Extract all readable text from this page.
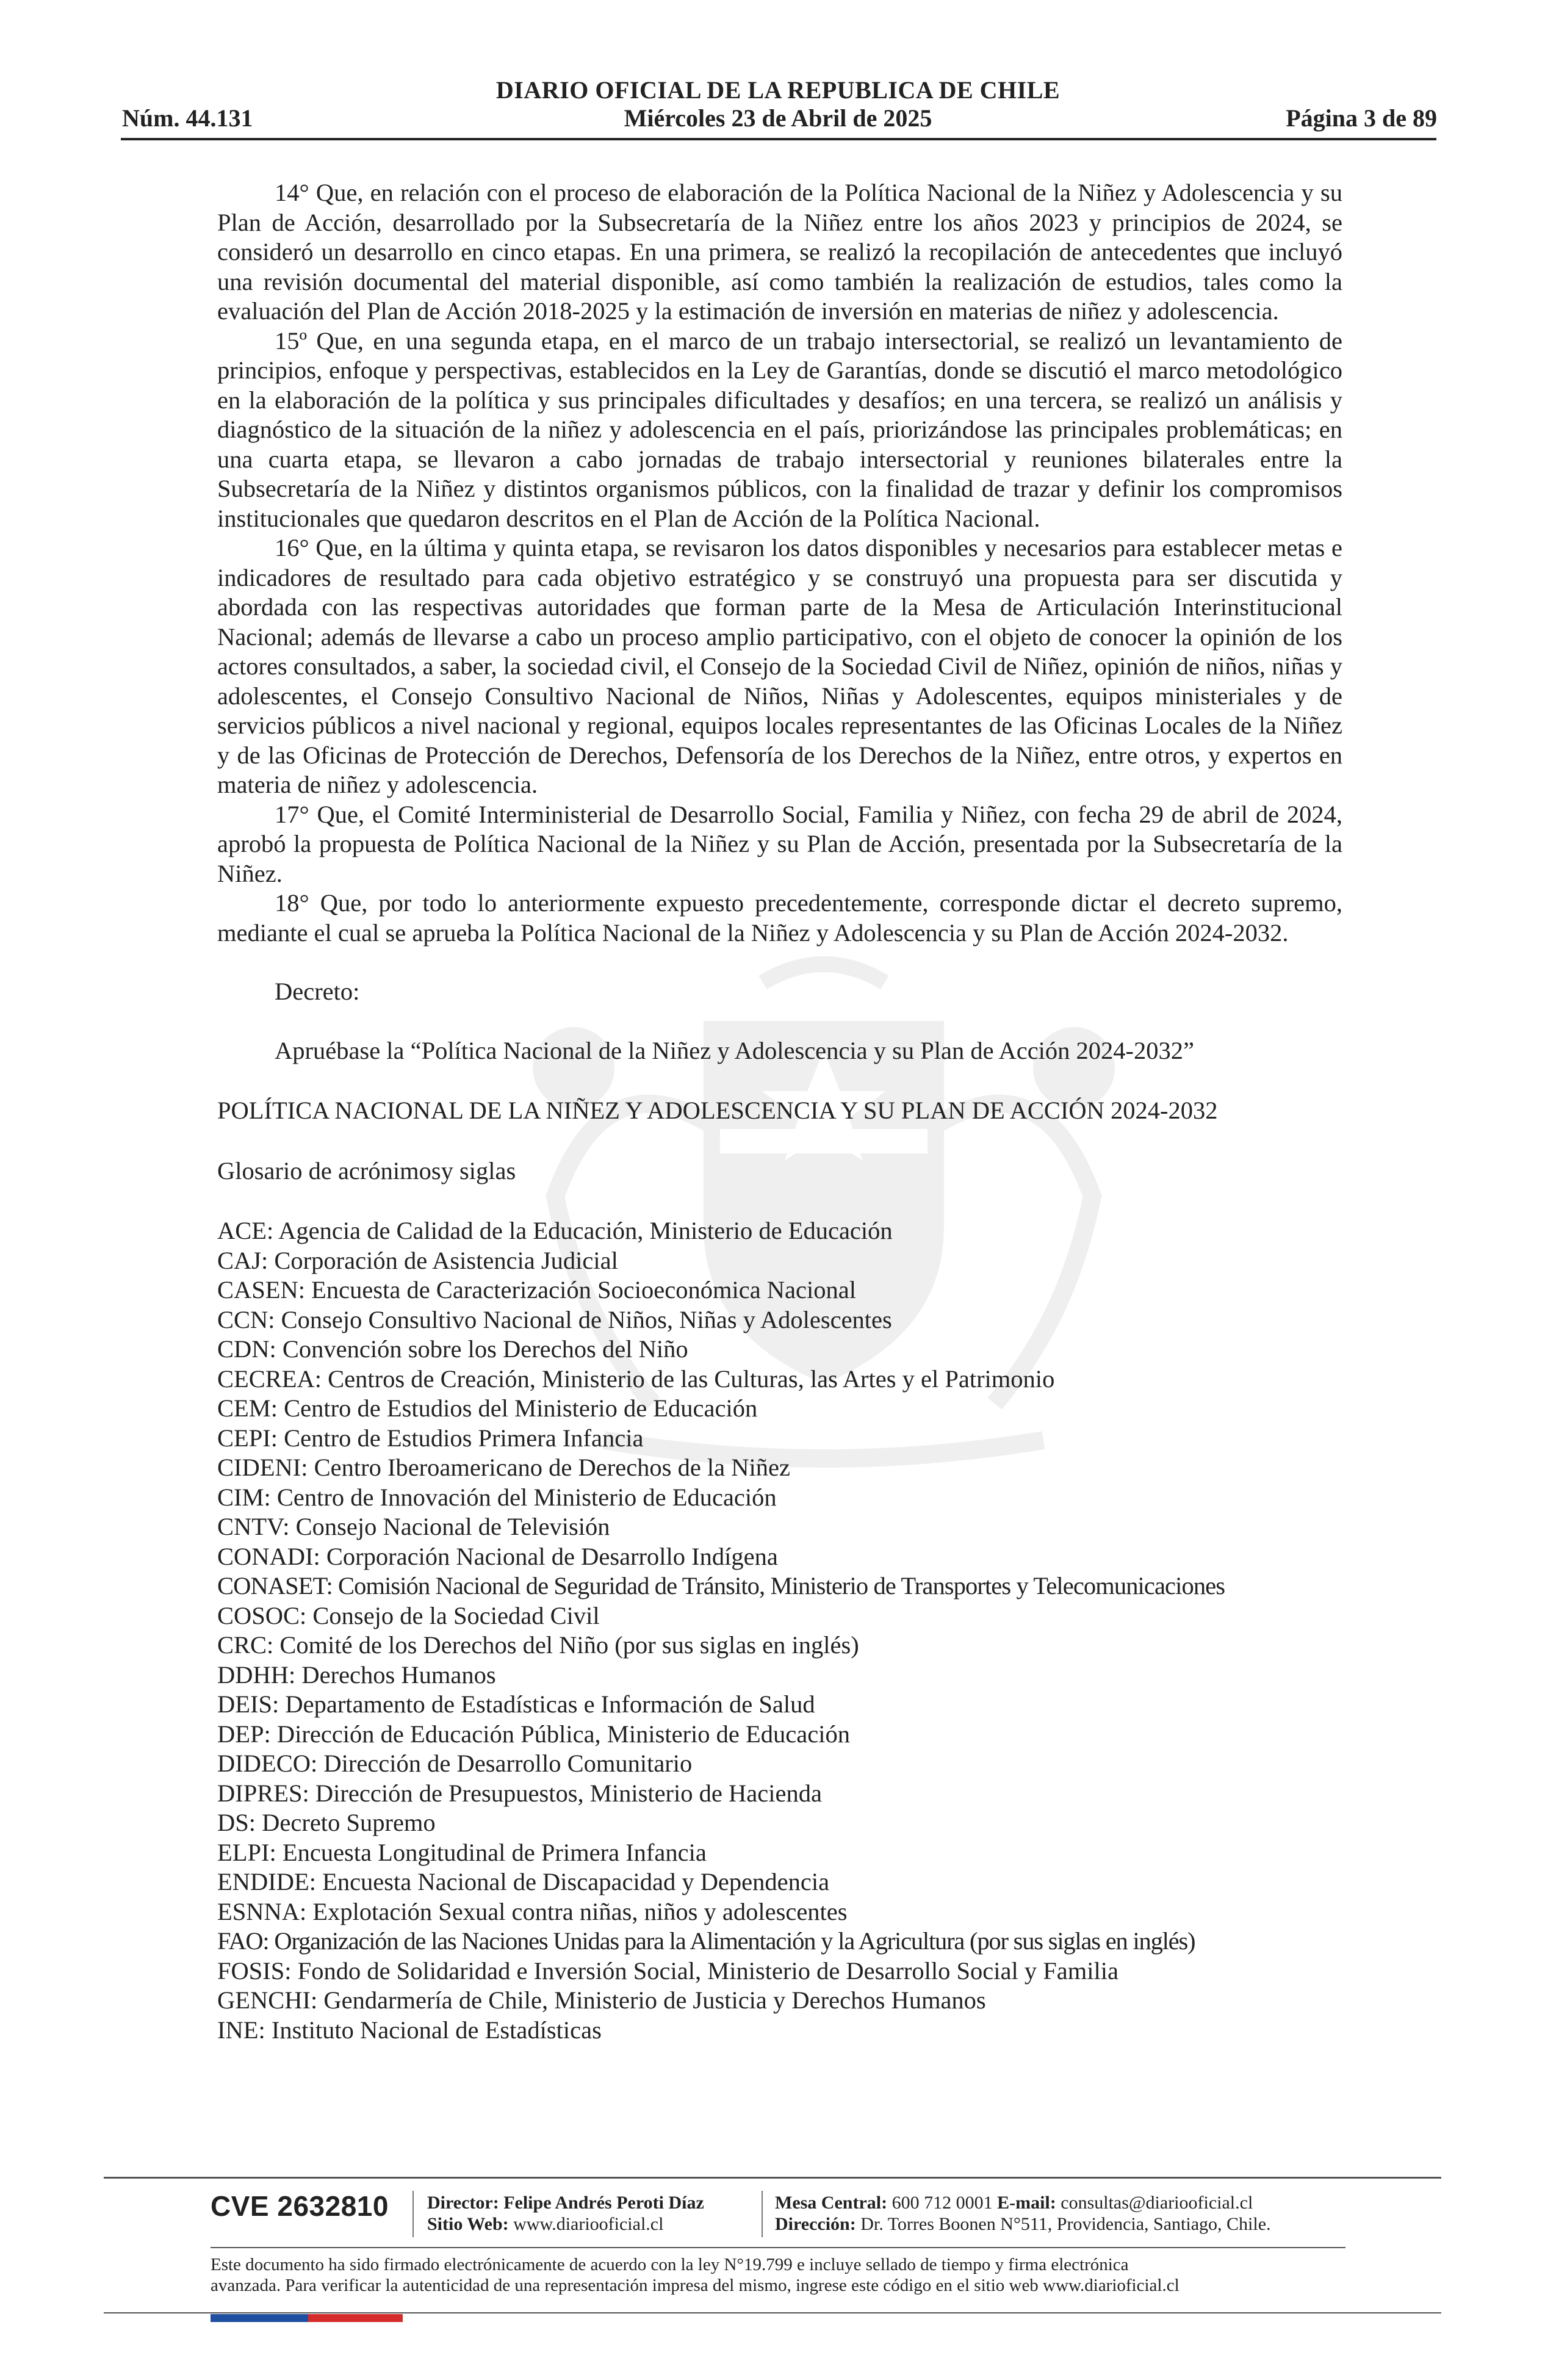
DIARIO OFICIAL DE LA REPUBLICA DE CHILE
Núm. 44.131	Miércoles 23 de Abril de 2025	Página 3 de 89

14° Que, en relación con el proceso de elaboración de la Política Nacional de la Niñez y Adolescencia y su Plan de Acción, desarrollado por la Subsecretaría de la Niñez entre los años 2023 y principios de 2024, se consideró un desarrollo en cinco etapas. En una primera, se realizó la recopilación de antecedentes que incluyó una revisión documental del material disponible, así como también la realización de estudios, tales como la evaluación del Plan de Acción 2018-2025 y la estimación de inversión en materias de niñez y adolescencia.

15º Que, en una segunda etapa, en el marco de un trabajo intersectorial, se realizó un levantamiento de principios, enfoque y perspectivas, establecidos en la Ley de Garantías, donde se discutió el marco metodológico en la elaboración de la política y sus principales dificultades y desafíos; en una tercera, se realizó un análisis y diagnóstico de la situación de la niñez y adolescencia en el país, priorizándose las principales problemáticas; en una cuarta etapa, se llevaron a cabo jornadas de trabajo intersectorial y reuniones bilaterales entre la Subsecretaría de la Niñez y distintos organismos públicos, con la finalidad de trazar y definir los compromisos institucionales que quedaron descritos en el Plan de Acción de la Política Nacional.

16° Que, en la última y quinta etapa, se revisaron los datos disponibles y necesarios para establecer metas e indicadores de resultado para cada objetivo estratégico y se construyó una propuesta para ser discutida y abordada con las respectivas autoridades que forman parte de la Mesa de Articulación Interinstitucional Nacional; además de llevarse a cabo un proceso amplio participativo, con el objeto de conocer la opinión de los actores consultados, a saber, la sociedad civil, el Consejo de la Sociedad Civil de Niñez, opinión de niños, niñas y adolescentes, el Consejo Consultivo Nacional de Niños, Niñas y Adolescentes, equipos ministeriales y de servicios públicos a nivel nacional y regional, equipos locales representantes de las Oficinas Locales de la Niñez y de las Oficinas de Protección de Derechos, Defensoría de los Derechos de la Niñez, entre otros, y expertos en materia de niñez y adolescencia.

17° Que, el Comité Interministerial de Desarrollo Social, Familia y Niñez, con fecha 29 de abril de 2024, aprobó la propuesta de Política Nacional de la Niñez y su Plan de Acción, presentada por la Subsecretaría de la Niñez.

18° Que, por todo lo anteriormente expuesto precedentemente, corresponde dictar el decreto supremo, mediante el cual se aprueba la Política Nacional de la Niñez y Adolescencia y su Plan de Acción 2024-2032.

Decreto:

Apruébase la “Política Nacional de la Niñez y Adolescencia y su Plan de Acción 2024-2032”

POLÍTICA NACIONAL DE LA NIÑEZ Y ADOLESCENCIA Y SU PLAN DE ACCIÓN 2024-2032

Glosario de acrónimosy siglas

ACE: Agencia de Calidad de la Educación, Ministerio de Educación

CAJ: Corporación de Asistencia Judicial

CASEN: Encuesta de Caracterización Socioeconómica Nacional

CCN: Consejo Consultivo Nacional de Niños, Niñas y Adolescentes

CDN: Convención sobre los Derechos del Niño

CECREA: Centros de Creación, Ministerio de las Culturas, las Artes y el Patrimonio

CEM: Centro de Estudios del Ministerio de Educación

CEPI: Centro de Estudios Primera Infancia

CIDENI: Centro Iberoamericano de Derechos de la Niñez

CIM: Centro de Innovación del Ministerio de Educación

CNTV: Consejo Nacional de Televisión

CONADI: Corporación Nacional de Desarrollo Indígena

CONASET: Comisión Nacional de Seguridad de Tránsito, Ministerio de Transportes y Telecomunicaciones

COSOC: Consejo de la Sociedad Civil

CRC: Comité de los Derechos del Niño (por sus siglas en inglés)

DDHH: Derechos Humanos

DEIS: Departamento de Estadísticas e Información de Salud

DEP: Dirección de Educación Pública, Ministerio de Educación

DIDECO: Dirección de Desarrollo Comunitario

DIPRES: Dirección de Presupuestos, Ministerio de Hacienda

DS: Decreto Supremo

ELPI: Encuesta Longitudinal de Primera Infancia

ENDIDE: Encuesta Nacional de Discapacidad y Dependencia

ESNNA: Explotación Sexual contra niñas, niños y adolescentes

FAO: Organización de las Naciones Unidas para la Alimentación y la Agricultura (por sus siglas en inglés)

FOSIS: Fondo de Solidaridad e Inversión Social, Ministerio de Desarrollo Social y Familia

GENCHI: Gendarmería de Chile, Ministerio de Justicia y Derechos Humanos

INE: Instituto Nacional de Estadísticas

CVE 2632810 Director: Felipe Andrés Peroti Díaz
Sitio Web: www.diariooficial.cl
Mesa Central: 600 712 0001 E-mail: consultas@diariooficial.cl
Dirección: Dr. Torres Boonen N°511, Providencia, Santiago, Chile.
Este documento ha sido firmado electrónicamente de acuerdo con la ley N°19.799 e incluye sellado de tiempo y firma electrónica
avanzada. Para verificar la autenticidad de una representación impresa del mismo, ingrese este código en el sitio web www.diarioficial.cl
